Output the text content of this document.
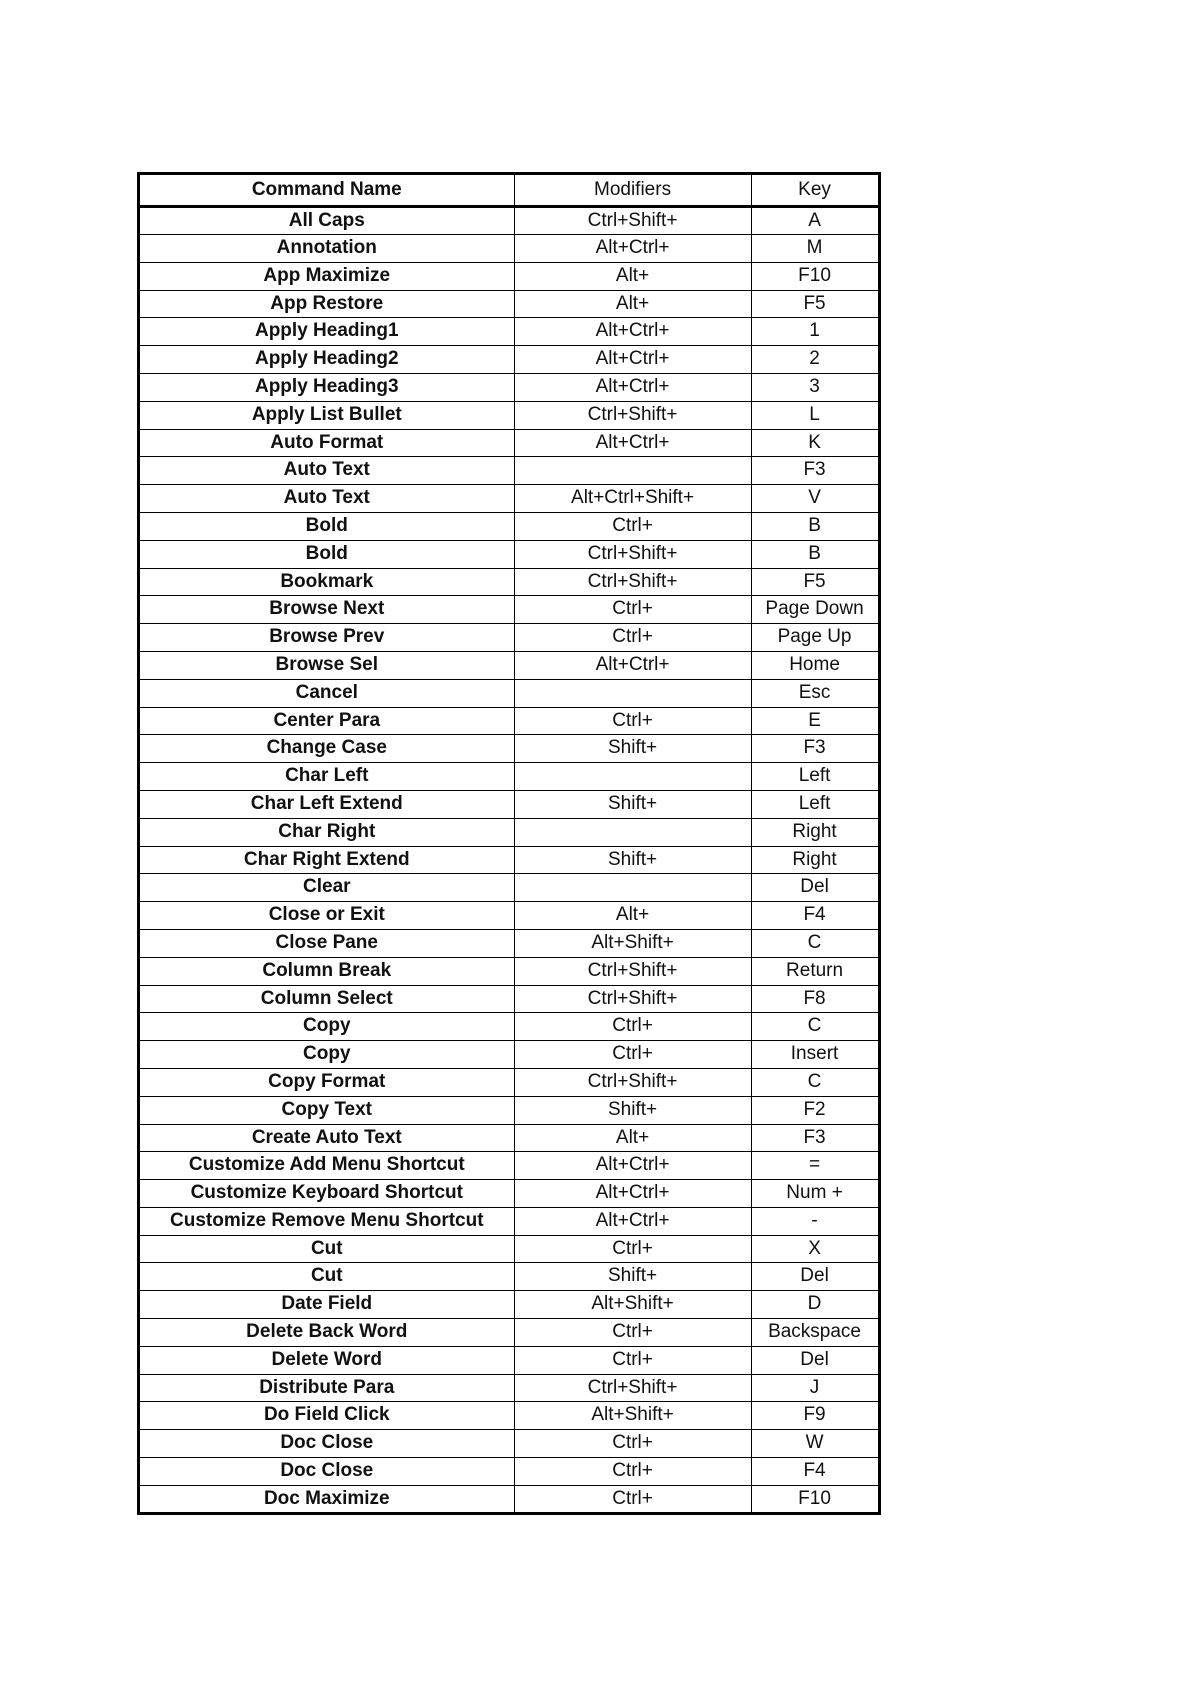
Command Name	Modifiers	Key
All Caps	Ctrl+Shift+	A
Annotation	Alt+Ctrl+	M
App Maximize	Alt+	F10
App Restore	Alt+	F5
Apply Heading1	Alt+Ctrl+	1
Apply Heading2	Alt+Ctrl+	2
Apply Heading3	Alt+Ctrl+	3
Apply List Bullet	Ctrl+Shift+	L
Auto Format	Alt+Ctrl+	K
Auto Text		F3
Auto Text	Alt+Ctrl+Shift+	V
Bold	Ctrl+	B
Bold	Ctrl+Shift+	B
Bookmark	Ctrl+Shift+	F5
Browse Next	Ctrl+	Page Down
Browse Prev	Ctrl+	Page Up
Browse Sel	Alt+Ctrl+	Home
Cancel		Esc
Center Para	Ctrl+	E
Change Case	Shift+	F3
Char Left		Left
Char Left Extend	Shift+	Left
Char Right		Right
Char Right Extend	Shift+	Right
Clear		Del
Close or Exit	Alt+	F4
Close Pane	Alt+Shift+	C
Column Break	Ctrl+Shift+	Return
Column Select	Ctrl+Shift+	F8
Copy	Ctrl+	C
Copy	Ctrl+	Insert
Copy Format	Ctrl+Shift+	C
Copy Text	Shift+	F2
Create Auto Text	Alt+	F3
Customize Add Menu Shortcut	Alt+Ctrl+	=
Customize Keyboard Shortcut	Alt+Ctrl+	Num +
Customize Remove Menu Shortcut	Alt+Ctrl+	-
Cut	Ctrl+	X
Cut	Shift+	Del
Date Field	Alt+Shift+	D
Delete Back Word	Ctrl+	Backspace
Delete Word	Ctrl+	Del
Distribute Para	Ctrl+Shift+	J
Do Field Click	Alt+Shift+	F9
Doc Close	Ctrl+	W
Doc Close	Ctrl+	F4
Doc Maximize	Ctrl+	F10
